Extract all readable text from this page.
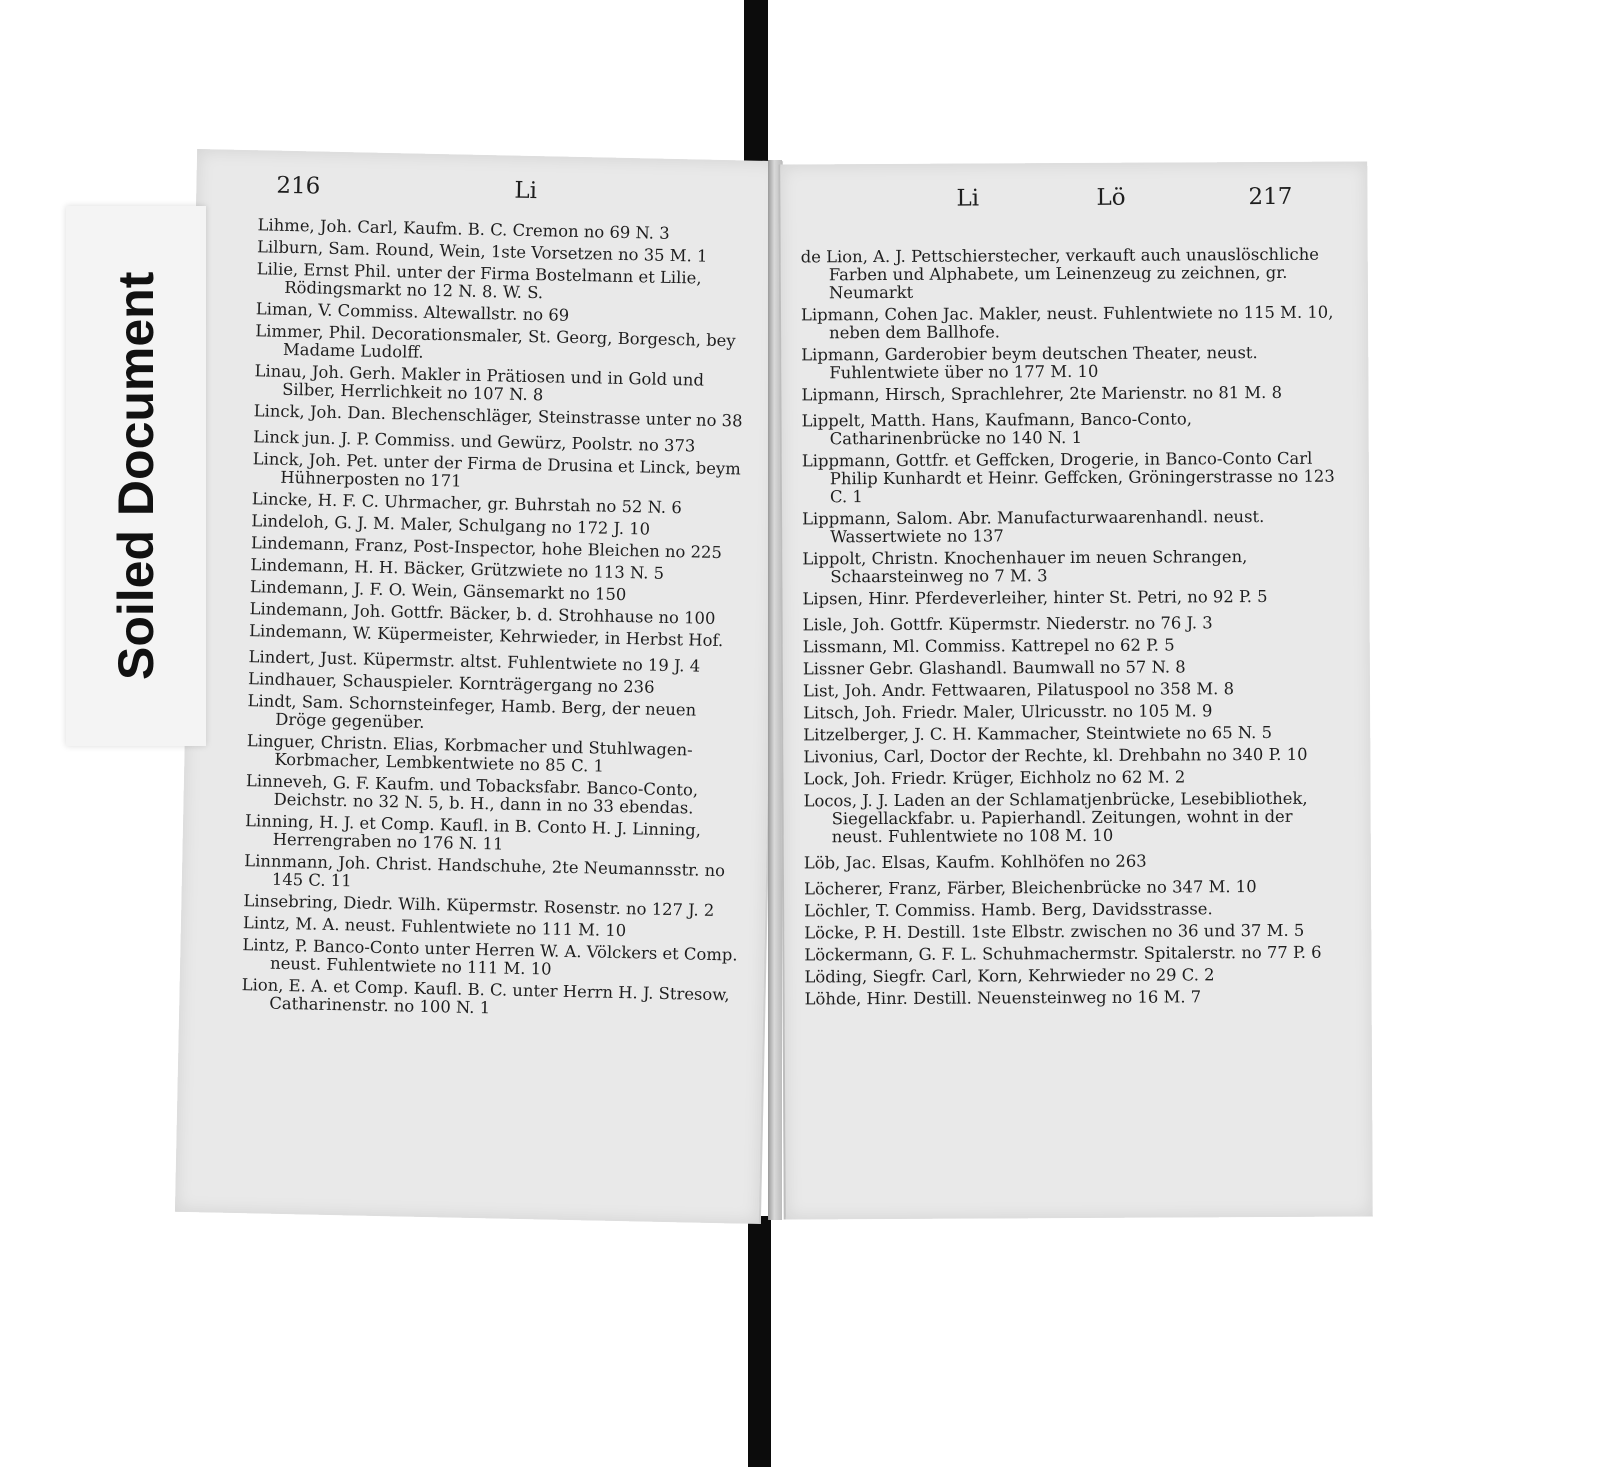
216	Li
Lihme, Joh. Carl, Kaufm. B. C. Cremon no 69 N. 3
Lilburn, Sam. Round, Wein, 1ste Vorsetzen no 35 M. 1
Lilie, Ernst Phil. unter der Firma Bostelmann et Lilie, Rödingsmarkt no 12 N. 8. W. S.
Liman, V. Commiss. Altewallstr. no 69
Limmer, Phil. Decorationsmaler, St. Georg, Borgesch, bey Madame Ludolff.
Linau, Joh. Gerh. Makler in Prätiosen und in Gold und Silber, Herrlichkeit no 107 N. 8
Linck, Joh. Dan. Blechenschläger, Steinstrasse unter no 38
Linck jun. J. P. Commiss. und Gewürz, Poolstr. no 373
Linck, Joh. Pet. unter der Firma de Drusina et Linck, beym Hühnerposten no 171
Lincke, H. F. C. Uhrmacher, gr. Buhrstah no 52 N. 6
Lindeloh, G. J. M. Maler, Schulgang no 172 J. 10
Lindemann, Franz, Post-Inspector, hohe Bleichen no 225
Lindemann, H. H. Bäcker, Grützwiete no 113 N. 5
Lindemann, J. F. O. Wein, Gänsemarkt no 150
Lindemann, Joh. Gottfr. Bäcker, b. d. Strohhause no 100
Lindemann, W. Küpermeister, Kehrwieder, in Herbst Hof.
Lindert, Just. Küpermstr. altst. Fuhlentwiete no 19 J. 4
Lindhauer, Schauspieler. Kornträgergang no 236
Lindt, Sam. Schornsteinfeger, Hamb. Berg, der neuen Dröge gegenüber.
Linguer, Christn. Elias, Korbmacher und Stuhlwagen-Korbmacher, Lembkentwiete no 85 C. 1
Linneveh, G. F. Kaufm. und Tobacksfabr. Banco-Conto, Deichstr. no 32 N. 5, b. H., dann in no 33 ebendas.
Linning, H. J. et Comp. Kaufl. in B. Conto H. J. Linning, Herrengraben no 176 N. 11
Linnmann, Joh. Christ. Handschuhe, 2te Neumannsstr. no 145 C. 11
Linsebring, Diedr. Wilh. Küpermstr. Rosenstr. no 127 J. 2
Lintz, M. A. neust. Fuhlentwiete no 111 M. 10
Lintz, P. Banco-Conto unter Herren W. A. Völckers et Comp. neust. Fuhlentwiete no 111 M. 10
Lion, E. A. et Comp. Kaufl. B. C. unter Herrn H. J. Stresow, Catharinenstr. no 100 N. 1
Li	Lö	217
de Lion, A. J. Pettschierstecher, verkauft auch unauslöschliche Farben und Alphabete, um Leinenzeug zu zeichnen, gr. Neumarkt
Lipmann, Cohen Jac. Makler, neust. Fuhlentwiete no 115 M. 10, neben dem Ballhofe.
Lipmann, Garderobier beym deutschen Theater, neust. Fuhlentwiete über no 177 M. 10
Lipmann, Hirsch, Sprachlehrer, 2te Marienstr. no 81 M. 8
Lippelt, Matth. Hans, Kaufmann, Banco-Conto, Catharinenbrücke no 140 N. 1
Lippmann, Gottfr. et Geffcken, Drogerie, in Banco-Conto Carl Philip Kunhardt et Heinr. Geffcken, Gröningerstrasse no 123 C. 1
Lippmann, Salom. Abr. Manufacturwaarenhandl. neust. Wassertwiete no 137
Lippolt, Christn. Knochenhauer im neuen Schrangen, Schaarsteinweg no 7 M. 3
Lipsen, Hinr. Pferdeverleiher, hinter St. Petri, no 92 P. 5
Lisle, Joh. Gottfr. Küpermstr. Niederstr. no 76 J. 3
Lissmann, Ml. Commiss. Kattrepel no 62 P. 5
Lissner Gebr. Glashandl. Baumwall no 57 N. 8
List, Joh. Andr. Fettwaaren, Pilatuspool no 358 M. 8
Litsch, Joh. Friedr. Maler, Ulricusstr. no 105 M. 9
Litzelberger, J. C. H. Kammacher, Steintwiete no 65 N. 5
Livonius, Carl, Doctor der Rechte, kl. Drehbahn no 340 P. 10
Lock, Joh. Friedr. Krüger, Eichholz no 62 M. 2
Locos, J. J. Laden an der Schlamatjenbrücke, Lesebibliothek, Siegellackfabr. u. Papierhandl. Zeitungen, wohnt in der neust. Fuhlentwiete no 108 M. 10
Löb, Jac. Elsas, Kaufm. Kohlhöfen no 263
Löcherer, Franz, Färber, Bleichenbrücke no 347 M. 10
Löchler, T. Commiss. Hamb. Berg, Davidsstrasse.
Löcke, P. H. Destill. 1ste Elbstr. zwischen no 36 und 37 M. 5
Löckermann, G. F. L. Schuhmachermstr. Spitalerstr. no 77 P. 6
Löding, Siegfr. Carl, Korn, Kehrwieder no 29 C. 2
Löhde, Hinr. Destill. Neuensteinweg no 16 M. 7
Soiled Document
